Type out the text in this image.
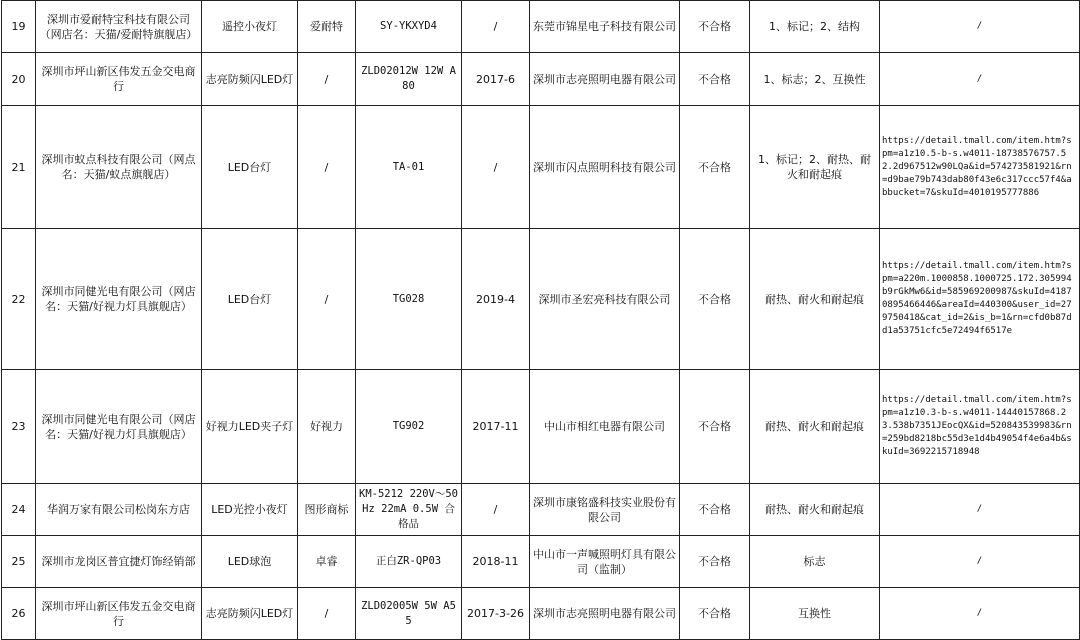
19	深圳市爱耐特宝科技有限公司（网店名：天猫/爱耐特旗舰店）	遥控小夜灯	爱耐特	SY-YKXYD4	/	东莞市锦星电子科技有限公司	不合格	1、标记；2、结构	/
20	深圳市坪山新区伟发五金交电商行	志亮防频闪LED灯	/	ZLD02012W 12W A80	2017-6	深圳市志亮照明电器有限公司	不合格	1、标志；2、互换性	/
21	深圳市蚁点科技有限公司（网点名：天猫/蚁点旗舰店）	LED台灯	/	TA-01	/	深圳市闪点照明科技有限公司	不合格	1、标记；2、耐热、耐火和耐起痕	https://detail.tmall.com/item.htm?spm=a1z10.5-b-s.w4011-18738576757.52.2d967512w90LQa&id=574273581921&rn=d9bae79b743dab80f43e6c317ccc57f4&abbucket=7&skuId=4010195777886
22	深圳市同健光电有限公司（网店名：天猫/好视力灯具旗舰店）	LED台灯	/	TG028	2019-4	深圳市圣宏亮科技有限公司	不合格	耐热、耐火和耐起痕	https://detail.tmall.com/item.htm?spm=a220m.1000858.1000725.172.305994b9rGkMw6&id=585969200987&skuId=41870895466446&areaId=440300&user_id=279750418&cat_id=2&is_b=1&rn=cfd0b87dd1a53751cfc5e72494f6517e
23	深圳市同健光电有限公司（网店名：天猫/好视力灯具旗舰店）	好视力LED夹子灯	好视力	TG902	2017-11	中山市相红电器有限公司	不合格	耐热、耐火和耐起痕	https://detail.tmall.com/item.htm?spm=a1z10.3-b-s.w4011-14440157868.23.538b7351JEocQX&id=520843539983&rn=259bd8218bc55d3e1d4b49054f4e6a4b&skuId=3692215718948
24	华润万家有限公司松岗东方店	LED光控小夜灯	图形商标	KM-5212 220V～50Hz 22mA 0.5W 合格品	/	深圳市康铭盛科技实业股份有限公司	不合格	耐热、耐火和耐起痕	/
25	深圳市龙岗区普宜捷灯饰经销部	LED球泡	卓睿	正白ZR-QP03	2018-11	中山市一声喊照明灯具有限公司（监制）	不合格	标志	/
26	深圳市坪山新区伟发五金交电商行	志亮防频闪LED灯	/	ZLD02005W 5W A55	2017-3-26	深圳市志亮照明电器有限公司	不合格	互换性	/
